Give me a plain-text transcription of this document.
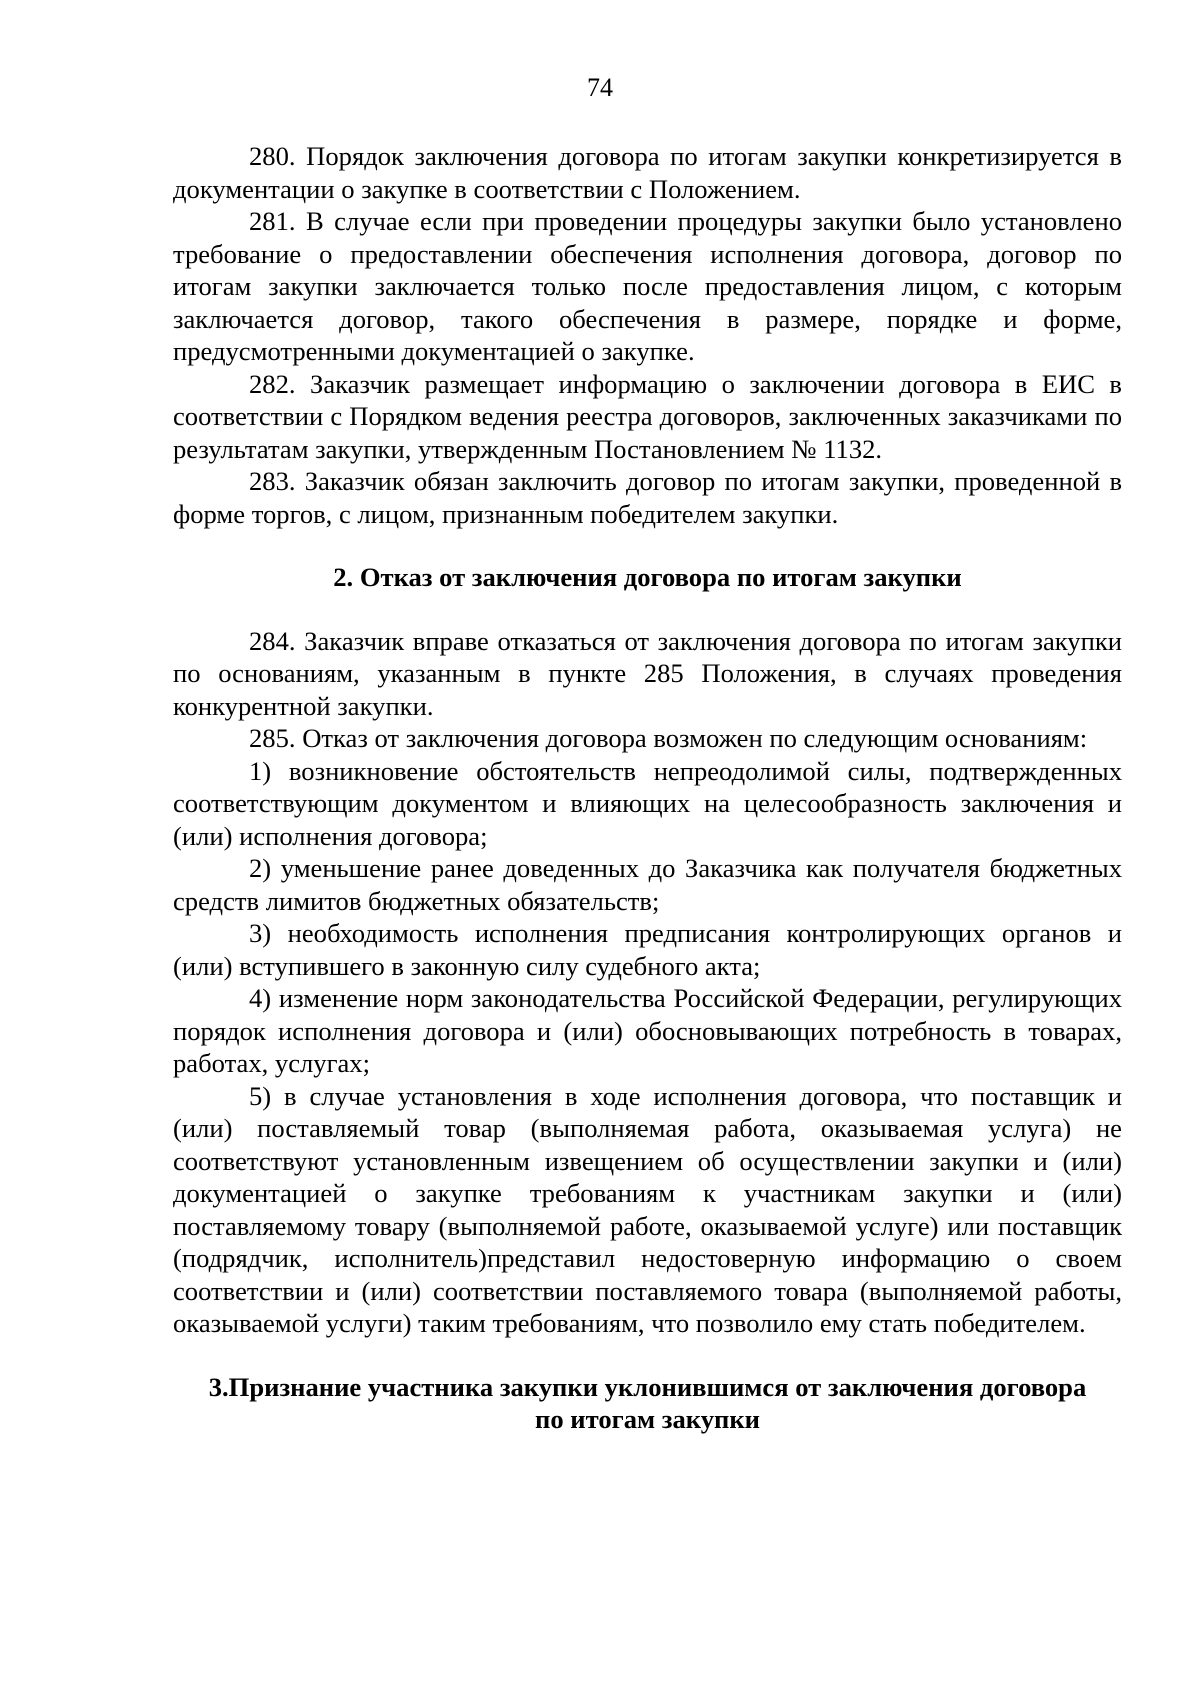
74

280. Порядок заключения договора по итогам закупки конкретизируется в документации о закупке в соответствии с Положением.

281. В случае если при проведении процедуры закупки было установлено требование о предоставлении обеспечения исполнения договора, договор по итогам закупки заключается только после предоставления лицом, с которым заключается договор, такого обеспечения в размере, порядке и форме, предусмотренными документацией о закупке.

282. Заказчик размещает информацию о заключении договора в ЕИС в соответствии с Порядком ведения реестра договоров, заключенных заказчиками по результатам закупки, утвержденным Постановлением № 1132.

283. Заказчик обязан заключить договор по итогам закупки, проведенной в форме торгов, с лицом, признанным победителем закупки.

2. Отказ от заключения договора по итогам закупки

284. Заказчик вправе отказаться от заключения договора по итогам закупки по основаниям, указанным в пункте 285 Положения, в случаях проведения конкурентной закупки.

285. Отказ от заключения договора возможен по следующим основаниям:

1) возникновение обстоятельств непреодолимой силы, подтвержденных соответствующим документом и влияющих на целесообразность заключения и (или) исполнения договора;

2) уменьшение ранее доведенных до Заказчика как получателя бюджетных средств лимитов бюджетных обязательств;

3) необходимость исполнения предписания контролирующих органов и (или) вступившего в законную силу судебного акта;

4) изменение норм законодательства Российской Федерации, регулирующих порядок исполнения договора и (или) обосновывающих потребность в товарах, работах, услугах;

5) в случае установления в ходе исполнения договора, что поставщик и (или) поставляемый товар (выполняемая работа, оказываемая услуга) не соответствуют установленным извещением об осуществлении закупки и (или) документацией о закупке требованиям к участникам закупки и (или) поставляемому товару (выполняемой работе, оказываемой услуге) или поставщик (подрядчик, исполнитель)представил недостоверную информацию о своем соответствии и (или) соответствии поставляемого товара (выполняемой работы, оказываемой услуги) таким требованиям, что позволило ему стать победителем.

3.Признание участника закупки уклонившимся от заключения договора
по итогам закупки
